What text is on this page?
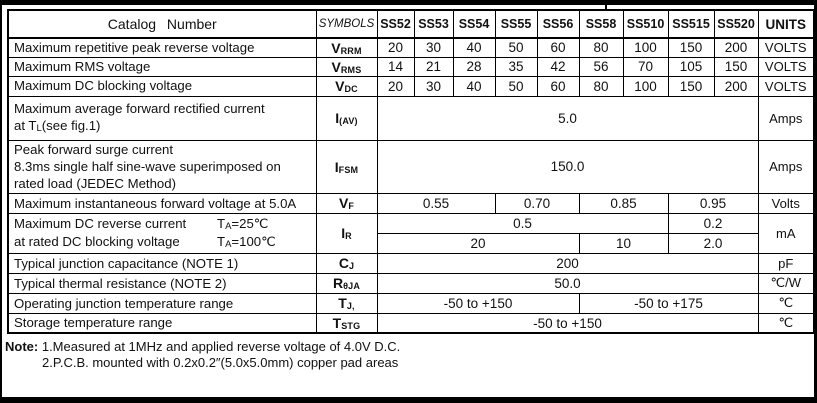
Catalog Number	SYMBOLS	SS52	SS53	SS54	SS55	SS56	SS58	SS510	SS515	SS520	UNITS
Maximum repetitive peak reverse voltage	VRRM	20	30	40	50	60	80	100	150	200	VOLTS
Maximum RMS voltage	VRMS	14	21	28	35	42	56	70	105	150	VOLTS
Maximum DC blocking voltage	VDC	20	30	40	50	60	80	100	150	200	VOLTS

Maximum average forward rectified current
at TL(see fig.1)	I(AV)	5.0									Amps

Peak forward surge current
8.3ms single half sine-wave superimposed on
rated load (JEDEC Method)	IFSM	150.0									Amps
Maximum instantaneous forward voltage at 5.0A	VF	0.55			0.70		0.85		0.95		Volts

Maximum DC reverse current TA=25℃
at rated DC blocking voltage TA=100℃	IR	0.5							0.2		mA
		20					10		2.0		
Typical junction capacitance (NOTE 1)	CJ	200									pF
Typical thermal resistance (NOTE 2)	RθJA	50.0									℃/W
Operating junction temperature range	TJ,	-50 to +150					-50 to +175				℃
Storage temperature range	TSTG	-50 to +150									℃
Note: 1.Measured at 1MHz and applied reverse voltage of 4.0V D.C.
2.P.C.B. mounted with 0.2x0.2″(5.0x5.0mm) copper pad areas
